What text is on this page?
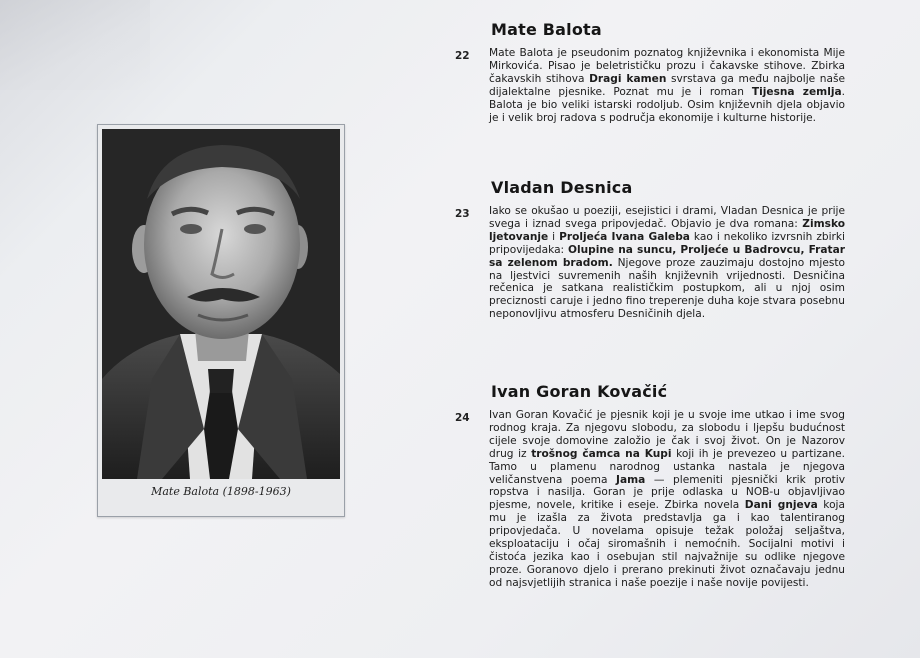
Mate Balota (1898-1963)
Mate Balota
22 Mate Balota je pseudonim poznatog književnika i ekonomista Mije Mirkovića. Pisao je beletrističku prozu i čakavske stihove. Zbirka čakavskih stihova Dragi kamen svrstava ga među najbolje naše dijalektalne pjesnike. Poznat mu je i roman Tijesna zemlja. Balota je bio veliki istarski rodoljub. Osim književnih djela objavio je i velik broj radova s područja ekonomije i kulturne historije.

Vladan Desnica
23 Iako se okušao u poeziji, esejistici i drami, Vladan Desnica je prije svega i iznad svega pripovjedač. Objavio je dva romana: Zimsko ljetovanje i Proljeća Ivana Galeba kao i nekoliko izvrsnih zbirki pripovijedaka: Olupine na suncu, Proljeće u Badrovcu, Fratar sa zelenom bradom. Njegove proze zauzimaju dostojno mjesto na ljestvici suvremenih naših književnih vrijednosti. Desničina rečenica je satkana realističkim postupkom, ali u njoj osim preciznosti caruje i jedno fino treperenje duha koje stvara posebnu neponovljivu atmosferu Desničinih djela.

Ivan Goran Kovačić
24 Ivan Goran Kovačić je pjesnik koji je u svoje ime utkao i ime svog rodnog kraja. Za njegovu slobodu, za slobodu i ljepšu budućnost cijele svoje domovine založio je čak i svoj život. On je Nazorov drug iz trošnog čamca na Kupi koji ih je prevezeo u partizane. Tamo u plamenu narodnog ustanka nastala je njegova veličanstvena poema Jama — plemeniti pjesnički krik protiv ropstva i nasilja. Goran je prije odlaska u NOB-u objavljivao pjesme, novele, kritike i eseje. Zbirka novela Dani gnjeva koja mu je izašla za života predstavlja ga i kao talentiranog pripovjedača. U novelama opisuje težak položaj seljaštva, eksploataciju i očaj siromašnih i nemoćnih. Socijalni motivi i čistoća jezika kao i osebujan stil najvažnije su odlike njegove proze. Goranovo djelo i prerano prekinuti život označavaju jednu od najsvjetlijih stranica i naše poezije i naše novije povijesti.
